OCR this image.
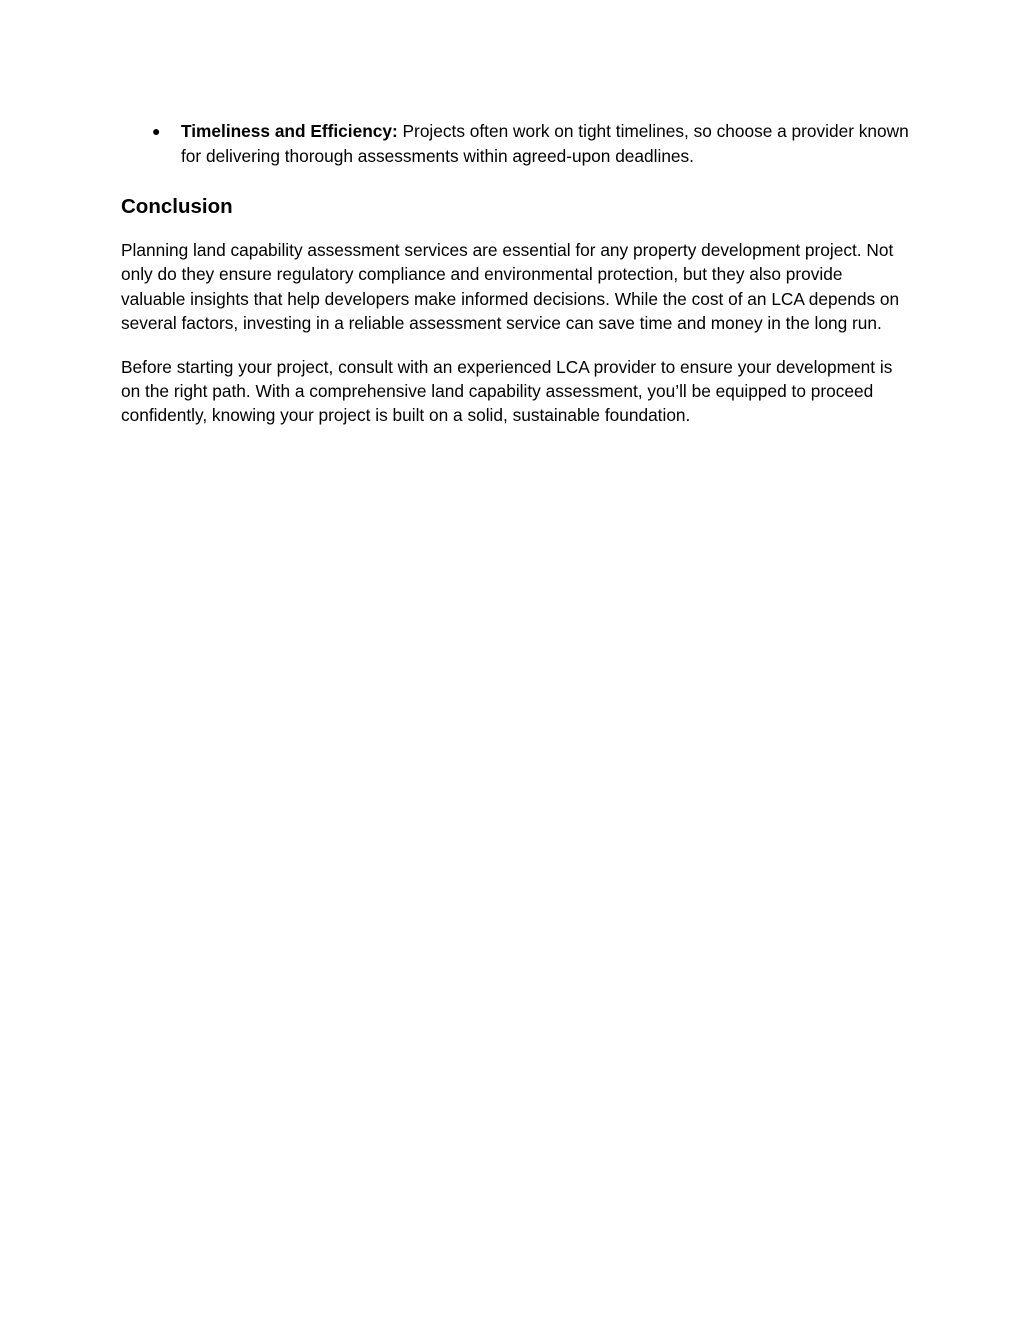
● Timeliness and Efficiency: Projects often work on tight timelines, so choose a provider known for delivering thorough assessments within agreed-upon deadlines.
Conclusion

Planning land capability assessment services are essential for any property development project. Not only do they ensure regulatory compliance and environmental protection, but they also provide valuable insights that help developers make informed decisions. While the cost of an LCA depends on several factors, investing in a reliable assessment service can save time and money in the long run.

Before starting your project, consult with an experienced LCA provider to ensure your development is on the right path. With a comprehensive land capability assessment, you’ll be equipped to proceed confidently, knowing your project is built on a solid, sustainable foundation.
